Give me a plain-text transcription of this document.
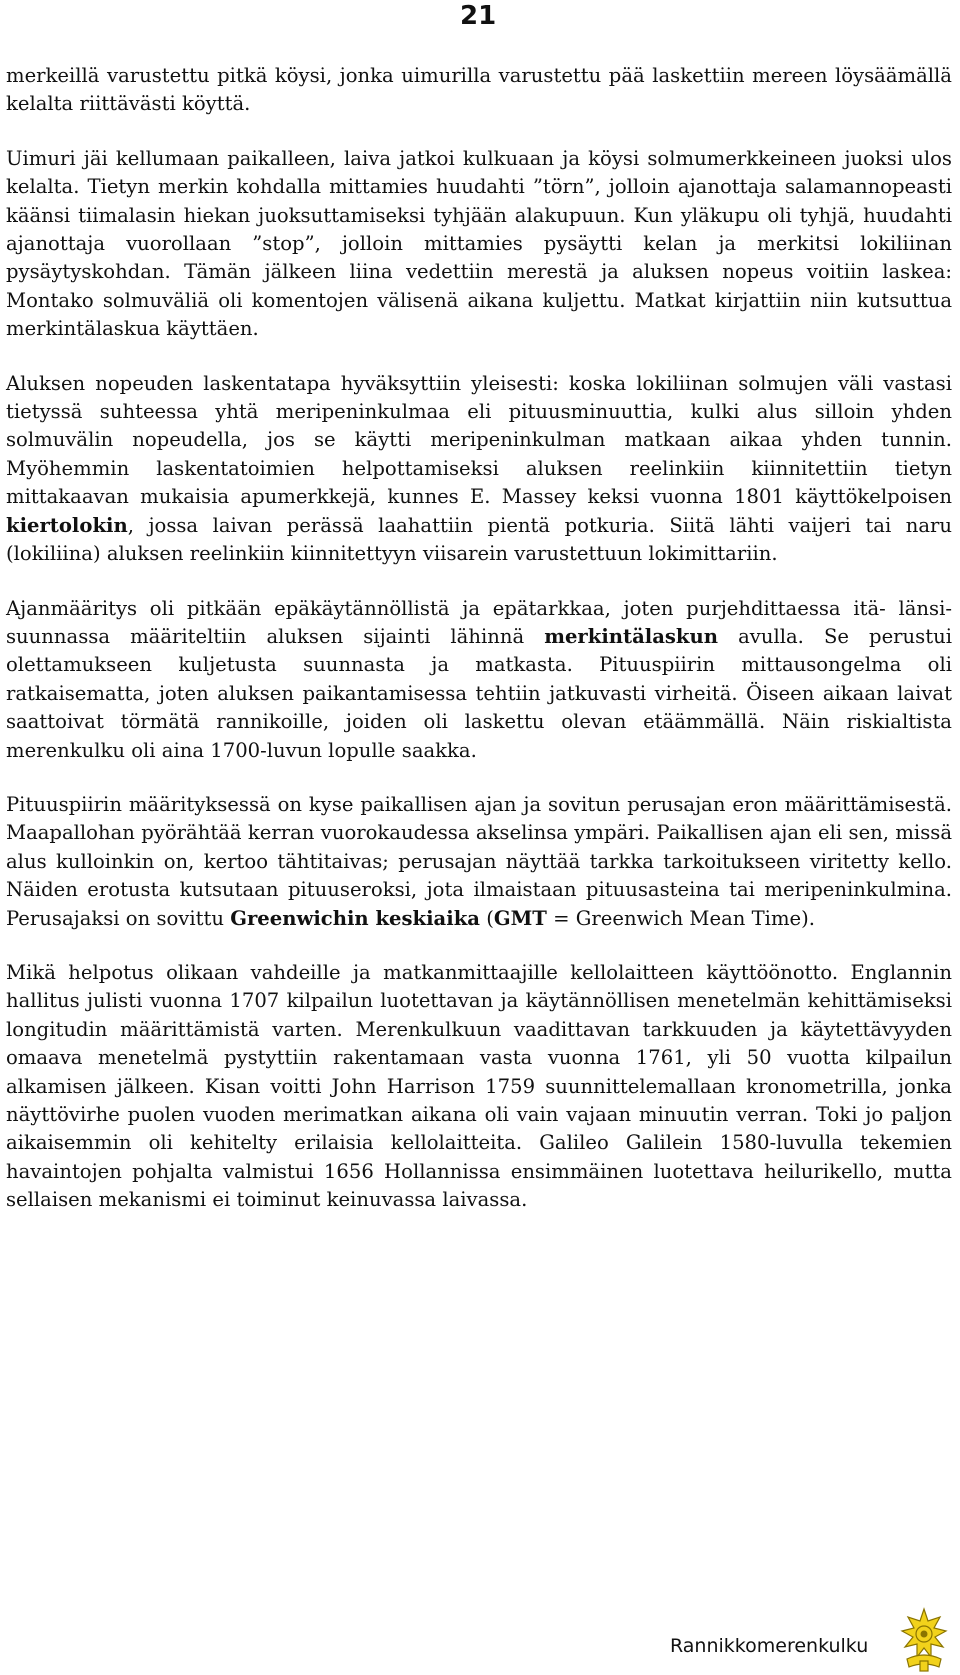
21

merkeillä varustettu pitkä köysi, jonka uimurilla varustettu pää laskettiin mereen löysäämällä kelalta riittävästi köyttä.

Uimuri jäi kellumaan paikalleen, laiva jatkoi kulkuaan ja köysi solmumerkkeineen juoksi ulos kelalta. Tietyn merkin kohdalla mittamies huudahti ”törn”, jolloin ajanottaja salamannopeasti käänsi tiimalasin hiekan juoksuttamiseksi tyhjään alakupuun. Kun yläkupu oli tyhjä, huudahti ajanottaja vuorollaan ”stop”, jolloin mittamies pysäytti kelan ja merkitsi lokiliinan pysäytyskohdan. Tämän jälkeen liina vedettiin merestä ja aluksen nopeus voitiin laskea: Montako solmuväliä oli komentojen välisenä aikana kuljettu. Matkat kirjattiin niin kutsuttua merkintälaskua käyttäen.

Aluksen nopeuden laskentatapa hyväksyttiin yleisesti: koska lokiliinan solmujen väli vastasi tietyssä suhteessa yhtä meripeninkulmaa eli pituusminuuttia, kulki alus silloin yhden solmuvälin nopeudella, jos se käytti meripeninkulman matkaan aikaa yhden tunnin. Myöhemmin laskentatoimien helpottamiseksi aluksen reelinkiin kiinnitettiin tietyn mittakaavan mukaisia apumerkkejä, kunnes E. Massey keksi vuonna 1801 käyttökelpoisen kiertolokin, jossa laivan perässä laahattiin pientä potkuria. Siitä lähti vaijeri tai naru (lokiliina) aluksen reelinkiin kiinnitettyyn viisarein varustettuun lokimittariin.

Ajanmääritys oli pitkään epäkäytännöllistä ja epätarkkaa, joten purjehdittaessa itä- länsi-suunnassa määriteltiin aluksen sijainti lähinnä merkintälaskun avulla. Se perustui olettamukseen kuljetusta suunnasta ja matkasta. Pituuspiirin mittausongelma oli ratkaisematta, joten aluksen paikantamisessa tehtiin jatkuvasti virheitä. Öiseen aikaan laivat saattoivat törmätä rannikoille, joiden oli laskettu olevan etäämmällä. Näin riskialtista merenkulku oli aina 1700-luvun lopulle saakka.

Pituuspiirin määrityksessä on kyse paikallisen ajan ja sovitun perusajan eron määrittämisestä. Maapallohan pyörähtää kerran vuorokaudessa akselinsa ympäri. Paikallisen ajan eli sen, missä alus kulloinkin on, kertoo tähtitaivas; perusajan näyttää tarkka tarkoitukseen viritetty kello. Näiden erotusta kutsutaan pituuseroksi, jota ilmaistaan pituusasteina tai meripeninkulmina. Perusajaksi on sovittu Greenwichin keskiaika (GMT = Greenwich Mean Time).

Mikä helpotus olikaan vahdeille ja matkanmittaajille kellolaitteen käyttöönotto. Englannin hallitus julisti vuonna 1707 kilpailun luotettavan ja käytännöllisen menetelmän kehittämiseksi longitudin määrittämistä varten. Merenkulkuun vaadittavan tarkkuuden ja käytettävyyden omaava menetelmä pystyttiin rakentamaan vasta vuonna 1761, yli 50 vuotta kilpailun alkamisen jälkeen. Kisan voitti John Harrison 1759 suunnittelemallaan kronometrilla, jonka näyttövirhe puolen vuoden merimatkan aikana oli vain vajaan minuutin verran. Toki jo paljon aikaisemmin oli kehitelty erilaisia kellolaitteita. Galileo Galilein 1580-luvulla tekemien havaintojen pohjalta valmistui 1656 Hollannissa ensimmäinen luotettava heilurikello, mutta sellaisen mekanismi ei toiminut keinuvassa laivassa.

Rannikkomerenkulku
